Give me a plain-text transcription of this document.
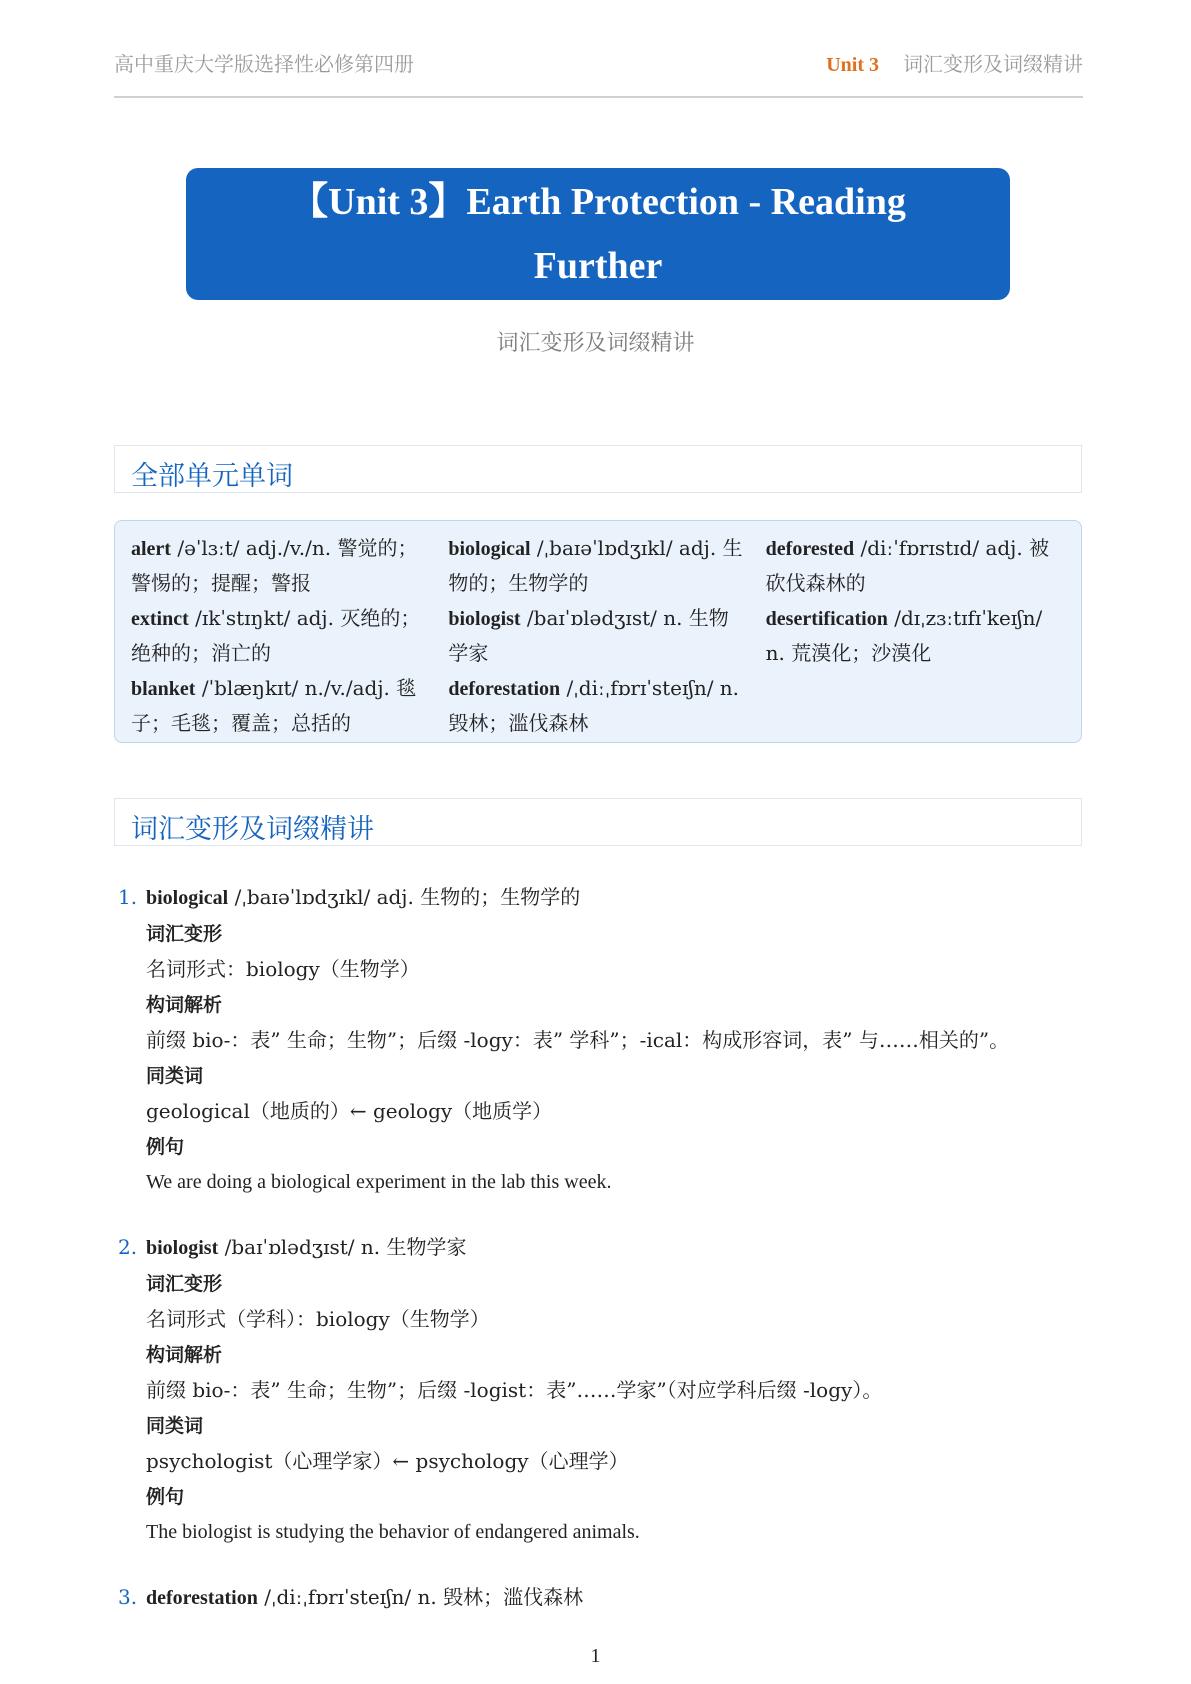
高中重庆大学版选择性必修第四册	Unit 3 词汇变形及词缀精讲
【Unit 3】Earth Protection - Reading
Further
词汇变形及词缀精讲
全部单元单词
alert /əˈlɜːt/ adj./v./n. 警觉的；警惕的；提醒；警报
extinct /ɪkˈstɪŋkt/ adj. 灭绝的；绝种的；消亡的
blanket /ˈblæŋkɪt/ n./v./adj. 毯子；毛毯；覆盖；总括的
biological /ˌbaɪəˈlɒdʒɪkl/ adj. 生物的；生物学的
biologist /baɪˈɒlədʒɪst/ n. 生物学家
deforestation /ˌdiːˌfɒrɪˈsteɪʃn/ n. 毁林；滥伐森林
deforested /diːˈfɒrɪstɪd/ adj. 被砍伐森林的
desertification /dɪˌzɜːtɪfɪˈkeɪʃn/ n. 荒漠化；沙漠化
词汇变形及词缀精讲
1. biological /ˌbaɪəˈlɒdʒɪkl/ adj. 生物的；生物学的
词汇变形
名词形式：biology（生物学）
构词解析
前缀 bio-：表” 生命；生物”；后缀 -logy：表” 学科”；-ical：构成形容词，表” 与……相关的”。
同类词
geological（地质的）← geology（地质学）
例句
We are doing a biological experiment in the lab this week.
2. biologist /baɪˈɒlədʒɪst/ n. 生物学家
词汇变形
名词形式（学科）：biology（生物学）
构词解析
前缀 bio-：表” 生命；生物”；后缀 -logist：表”……学家”（对应学科后缀 -logy）。
同类词
psychologist（心理学家）← psychology（心理学）
例句
The biologist is studying the behavior of endangered animals.
3. deforestation /ˌdiːˌfɒrɪˈsteɪʃn/ n. 毁林；滥伐森林
1
